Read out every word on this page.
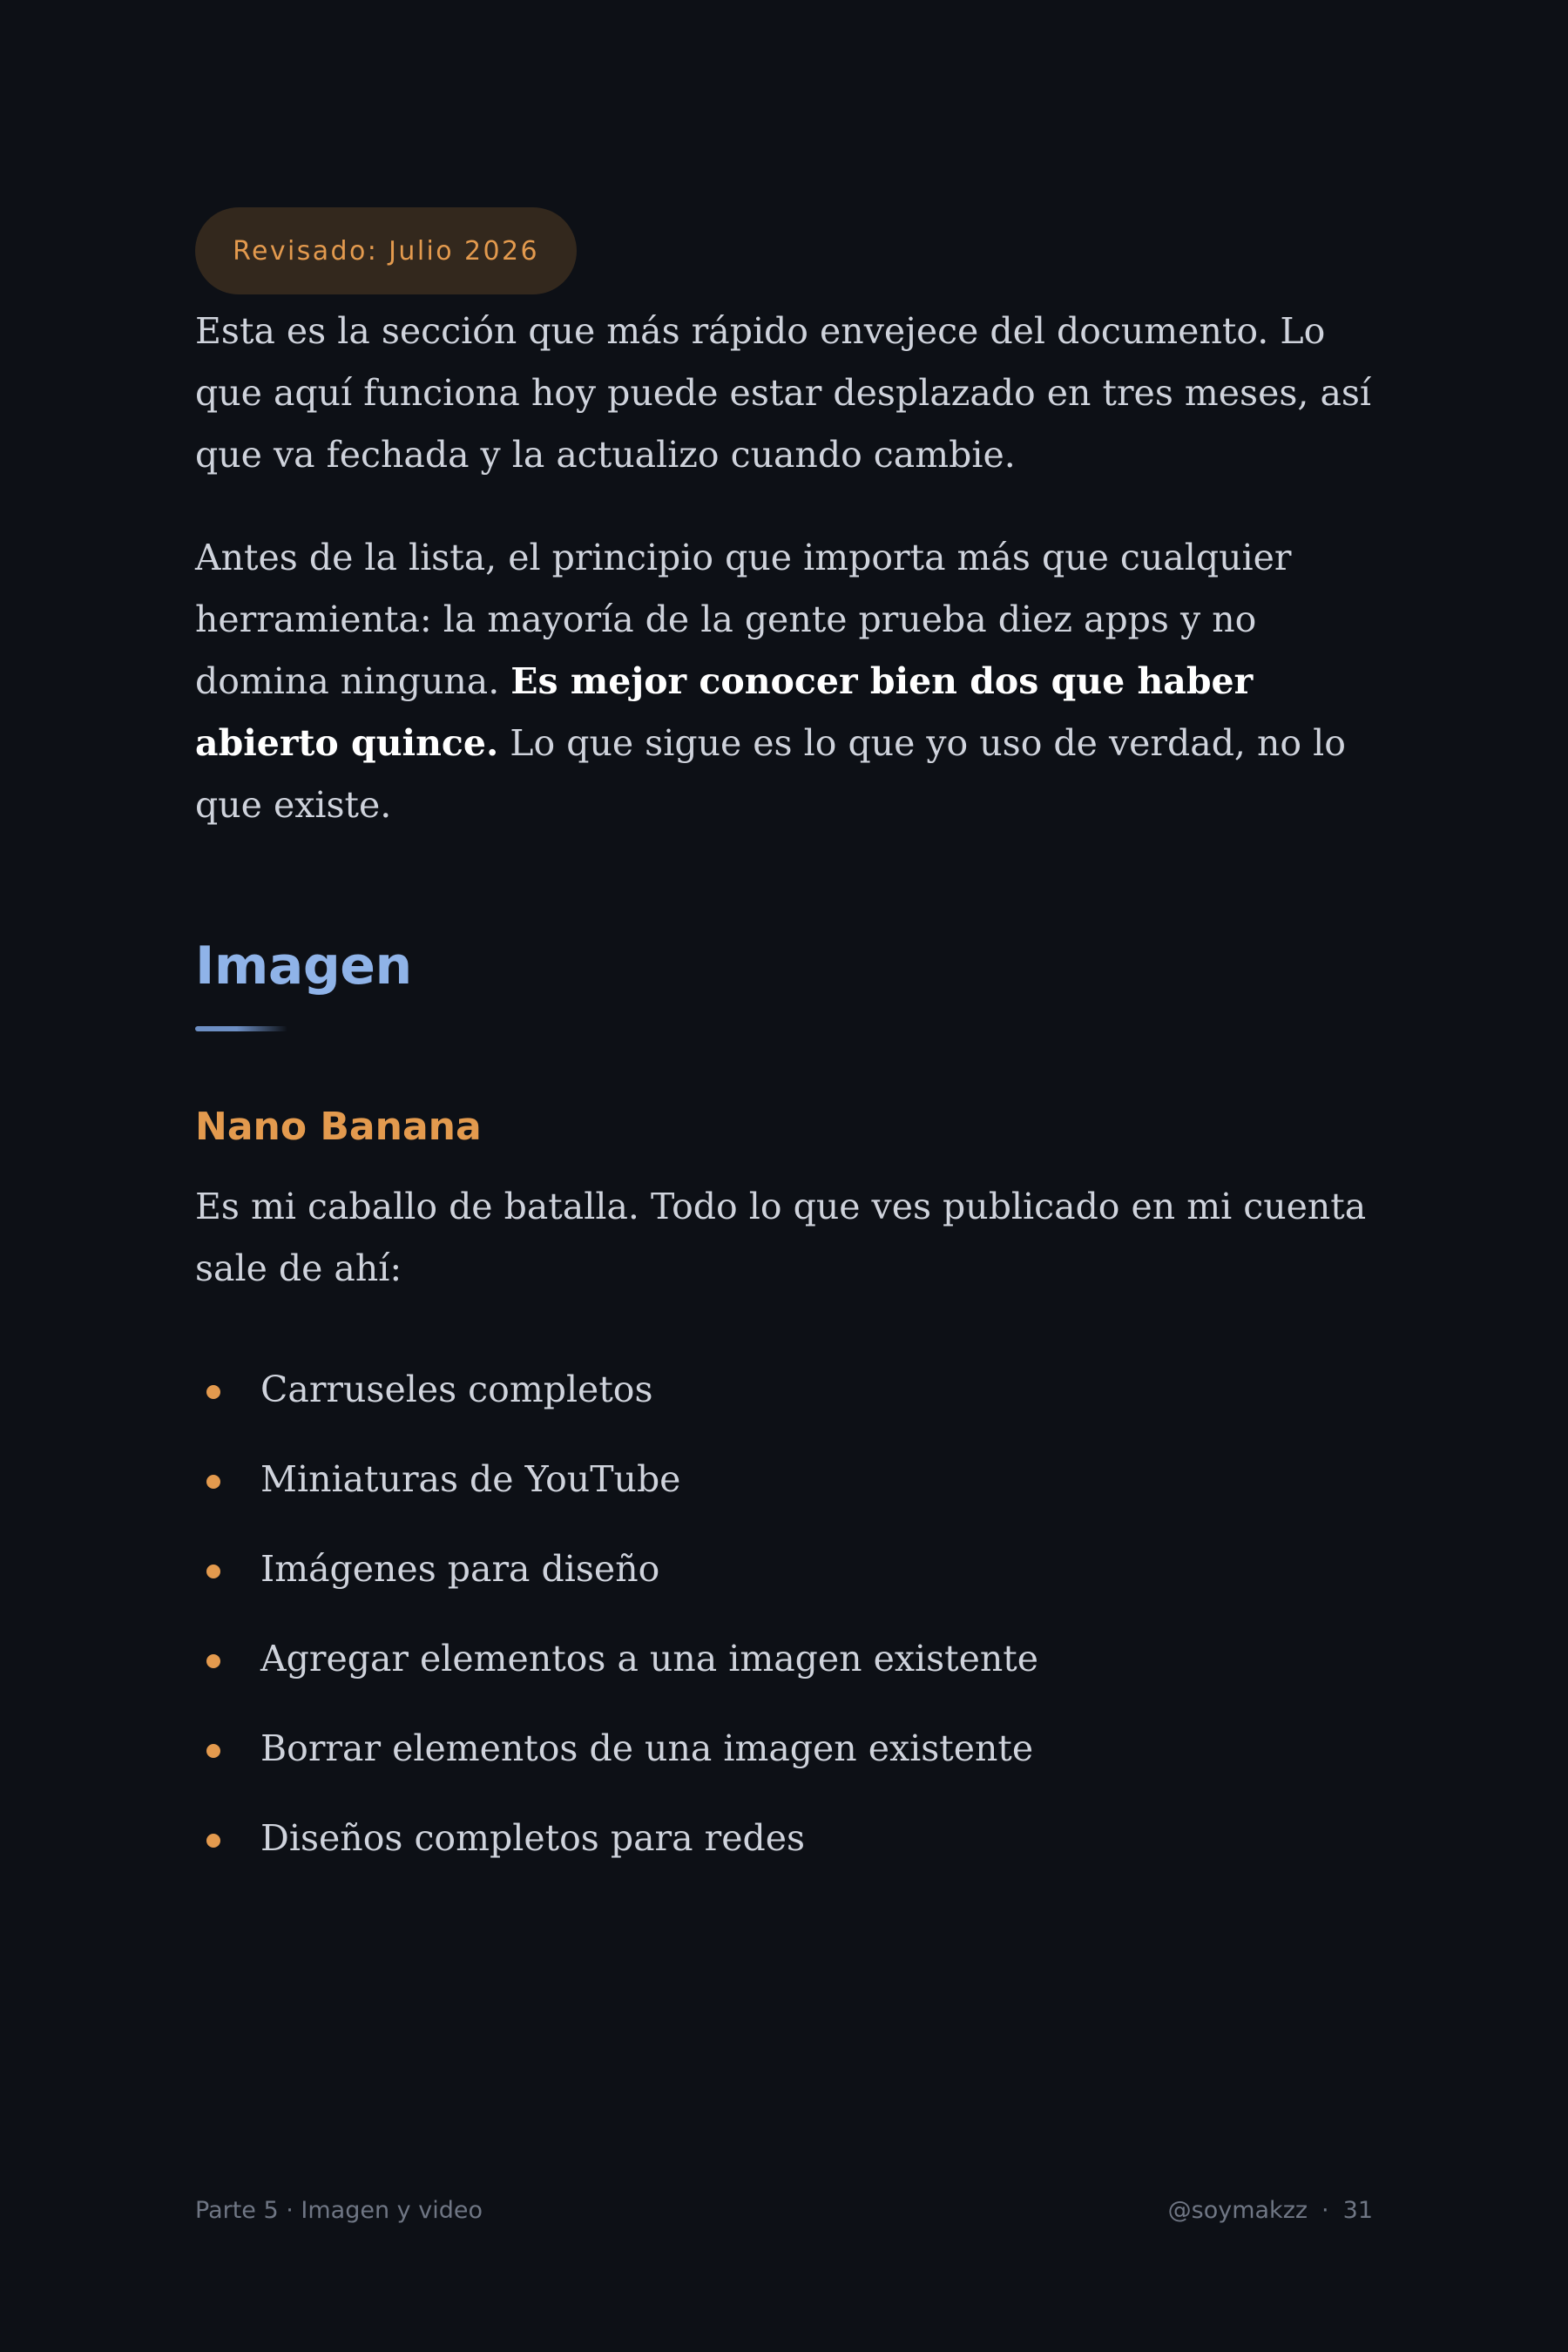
Revisado: Julio 2026

Esta es la sección que más rápido envejece del documento. Lo que aquí funciona hoy puede estar desplazado en tres meses, así que va fechada y la actualizo cuando cambie.

Antes de la lista, el principio que importa más que cualquier herramienta: la mayoría de la gente prueba diez apps y no domina ninguna. Es mejor conocer bien dos que haber abierto quince. Lo que sigue es lo que yo uso de verdad, no lo que existe.

Imagen
Nano Banana

Es mi caballo de batalla. Todo lo que ves publicado en mi cuenta sale de ahí:

Carruseles completos
Miniaturas de YouTube
Imágenes para diseño
Agregar elementos a una imagen existente
Borrar elementos de una imagen existente
Diseños completos para redes
Parte 5 · Imagen y video	@soymakzz · 31
